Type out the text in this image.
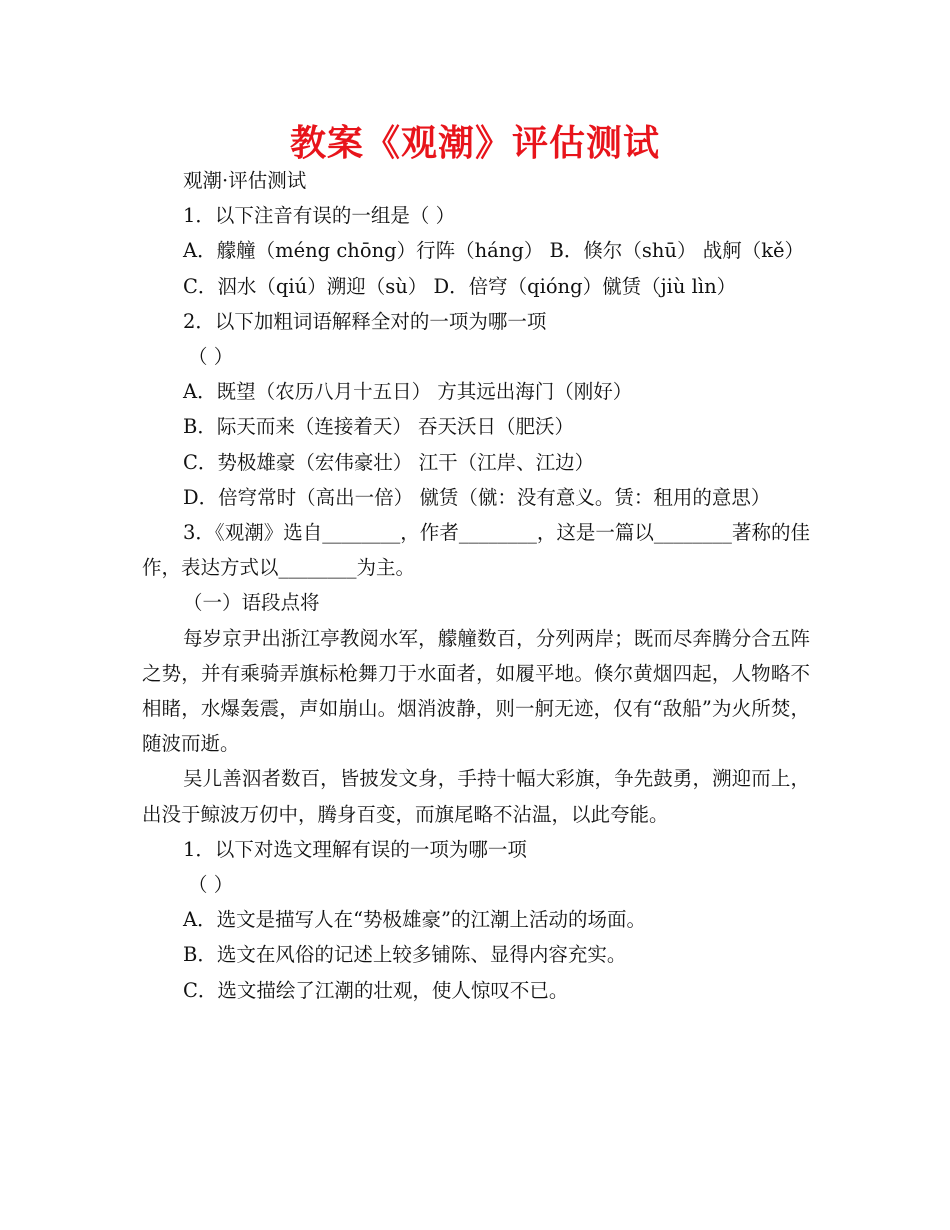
教案《观潮》评估测试

观潮·评估测试

1．以下注音有误的一组是（ ）

A．艨艟（méng chōng）行阵（háng） B．倏尔（shū） 战舸（kě）

C．泅水（qiú）溯迎（sù） D．倍穹（qióng）僦赁（jiù lìn）

2．以下加粗词语解释全对的一项为哪一项

（ ）

A．既望（农历八月十五日） 方其远出海门（刚好）

B．际天而来（连接着天） 吞天沃日（肥沃）

C．势极雄豪（宏伟豪壮） 江干（江岸、江边）

D．倍穹常时（高出一倍） 僦赁（僦：没有意义。赁：租用的意思）

3．《观潮》选自________，作者________，这是一篇以________著称的佳作，表达方式以________为主。

（一）语段点将

每岁京尹出浙江亭教阅水军，艨艟数百，分列两岸；既而尽奔腾分合五阵之势，并有乘骑弄旗标枪舞刀于水面者，如履平地。倏尔黄烟四起，人物略不相睹，水爆轰震，声如崩山。烟消波静，则一舸无迹，仅有“敌船”为火所焚，随波而逝。

吴儿善泅者数百，皆披发文身，手持十幅大彩旗，争先鼓勇，溯迎而上，出没于鲸波万仞中，腾身百变，而旗尾略不沾温，以此夸能。

1．以下对选文理解有误的一项为哪一项

（ ）

A．选文是描写人在“势极雄豪”的江潮上活动的场面。

B．选文在风俗的记述上较多铺陈、显得内容充实。

C．选文描绘了江潮的壮观，使人惊叹不已。
